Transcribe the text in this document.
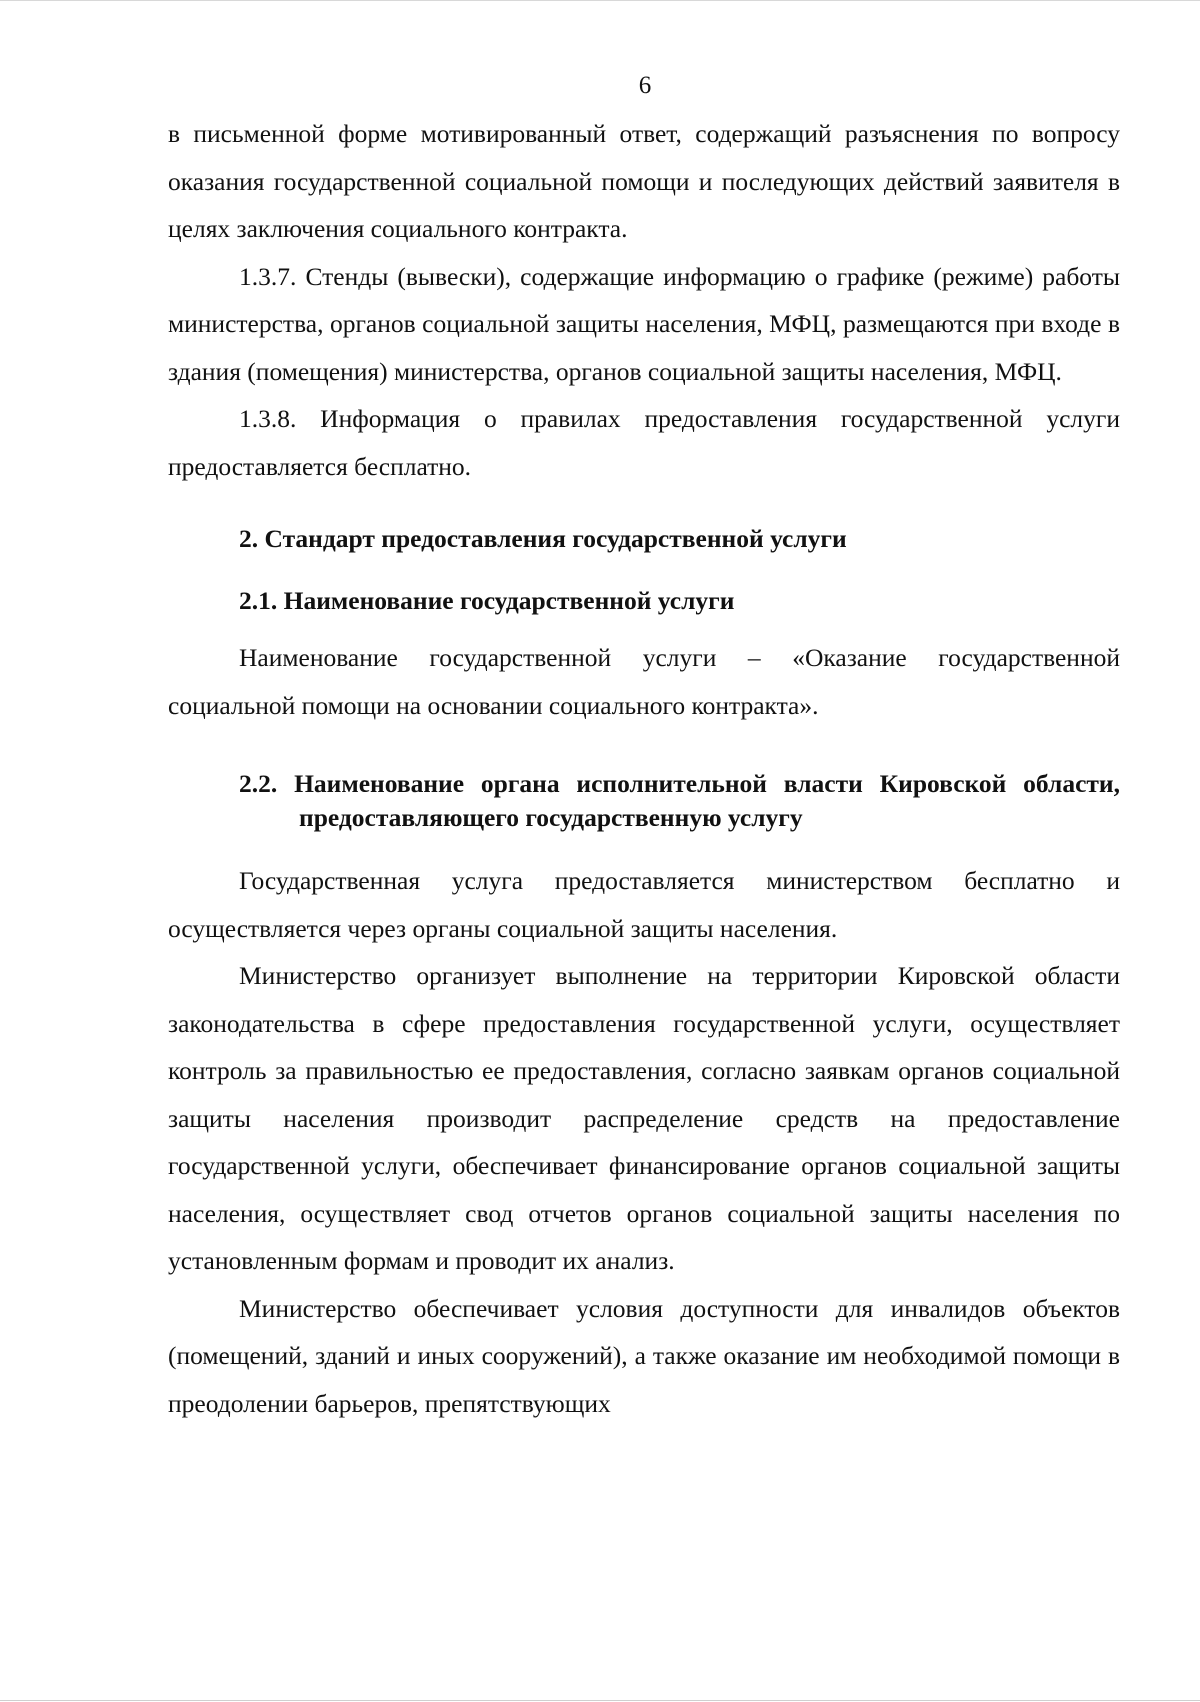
6

в письменной форме мотивированный ответ, содержащий разъяснения по вопросу оказания государственной социальной помощи и последующих действий заявителя в целях заключения социального контракта.

1.3.7. Стенды (вывески), содержащие информацию о графике (режиме) работы министерства, органов социальной защиты населения, МФЦ, размещаются при входе в здания (помещения) министерства, органов социальной защиты населения, МФЦ.

1.3.8. Информация о правилах предоставления государственной услуги предоставляется бесплатно.

2. Стандарт предоставления государственной услуги

2.1. Наименование государственной услуги

Наименование государственной услуги – «Оказание государственной социальной помощи на основании социального контракта».

2.2. Наименование органа исполнительной власти Кировской области, предоставляющего государственную услугу

Государственная услуга предоставляется министерством бесплатно и осуществляется через органы социальной защиты населения.

Министерство организует выполнение на территории Кировской области законодательства в сфере предоставления государственной услуги, осуществляет контроль за правильностью ее предоставления, согласно заявкам органов социальной защиты населения производит распределение средств на предоставление государственной услуги, обеспечивает финансирование органов социальной защиты населения, осуществляет свод отчетов органов социальной защиты населения по установленным формам и проводит их анализ.

Министерство обеспечивает условия доступности для инвалидов объектов (помещений, зданий и иных сооружений), а также оказание им необходимой помощи в преодолении барьеров, препятствующих
